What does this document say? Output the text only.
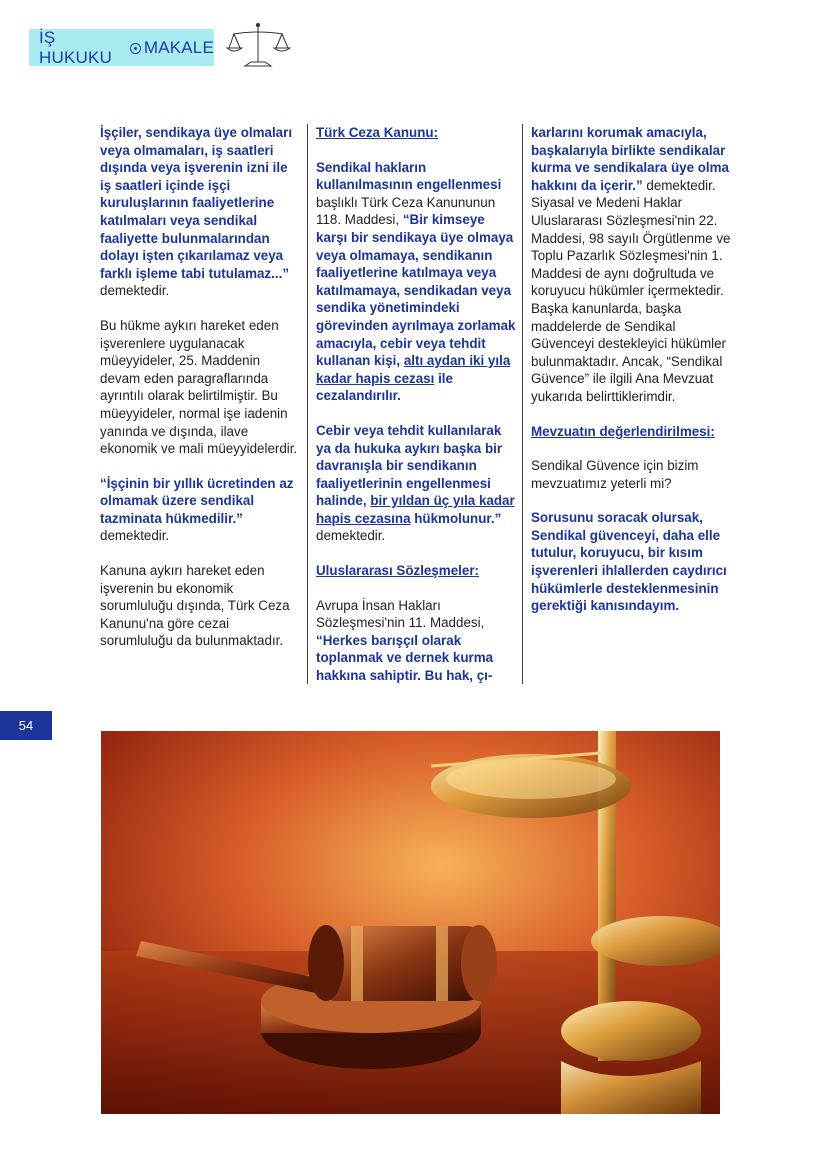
İŞ HUKUKU
MAKALE

İşçiler, sendikaya üye olmaları veya olmamaları, iş saatleri dışında veya işverenin izni ile iş saatleri içinde işçi kuruluşlarının faaliyetlerine katılmaları veya sendikal faaliyette bulunmalarından dolayı işten çıkarılamaz veya farklı işleme tabi tutulamaz...” demektedir.

Bu hükme aykırı hareket eden işverenlere uygulanacak müeyyideler, 25. Maddenin devam eden paragraflarında ayrıntılı olarak belirtilmiştir. Bu müeyyideler, normal işe iadenin yanında ve dışında, ilave ekonomik ve mali müeyyidelerdir.

“İşçinin bir yıllık ücretinden az olmamak üzere sendikal tazminata hükmedilir.” demektedir.

Kanuna aykırı hareket eden işverenin bu ekonomik sorumluluğu dışında, Türk Ceza Kanunu'na göre cezai sorumluluğu da bulunmaktadır.

Türk Ceza Kanunu:

Sendikal hakların kullanılmasının engellenmesi başlıklı Türk Ceza Kanununun 118. Maddesi, “Bir kimseye karşı bir sendikaya üye olmaya veya olmamaya, sendikanın faaliyetlerine katılmaya veya katılmamaya, sendikadan veya sendika yönetimindeki görevinden ayrılmaya zorlamak amacıyla, cebir veya tehdit kullanan kişi, altı aydan iki yıla kadar hapis cezası ile cezalandırılır.

Cebir veya tehdit kullanılarak ya da hukuka aykırı başka bir davranışla bir sendikanın faaliyetlerinin engellenmesi halinde, bir yıldan üç yıla kadar hapis cezasına hükmolunur.” demektedir.

Uluslararası Sözleşmeler:

Avrupa İnsan Hakları Sözleşmesi'nin 11. Maddesi, “Herkes barışçıl olarak toplanmak ve dernek kurma hakkına sahiptir. Bu hak, çı-

karlarını korumak amacıyla, başkalarıyla birlikte sendikalar kurma ve sendikalara üye olma hakkını da içerir.” demektedir.

Siyasal ve Medeni Haklar Uluslararası Sözleşmesi'nin 22. Maddesi, 98 sayılı Örgütlenme ve Toplu Pazarlık Sözleşmesi'nin 1. Maddesi de aynı doğrultuda ve koruyucu hükümler içermektedir.

Başka kanunlarda, başka maddelerde de Sendikal Güvenceyi destekleyici hükümler bulunmaktadır. Ancak, “Sendikal Güvence” ile ilgili Ana Mevzuat yukarıda belirttiklerimdir.

Mevzuatın değerlendirilmesi:

Sendikal Güvence için bizim mevzuatımız yeterli mi?

Sorusunu soracak olursak, Sendikal güvenceyi, daha elle tutulur, koruyucu, bir kısım işverenleri ihlallerden caydırıcı hükümlerle desteklenmesinin gerektiği kanısındayım.

54
